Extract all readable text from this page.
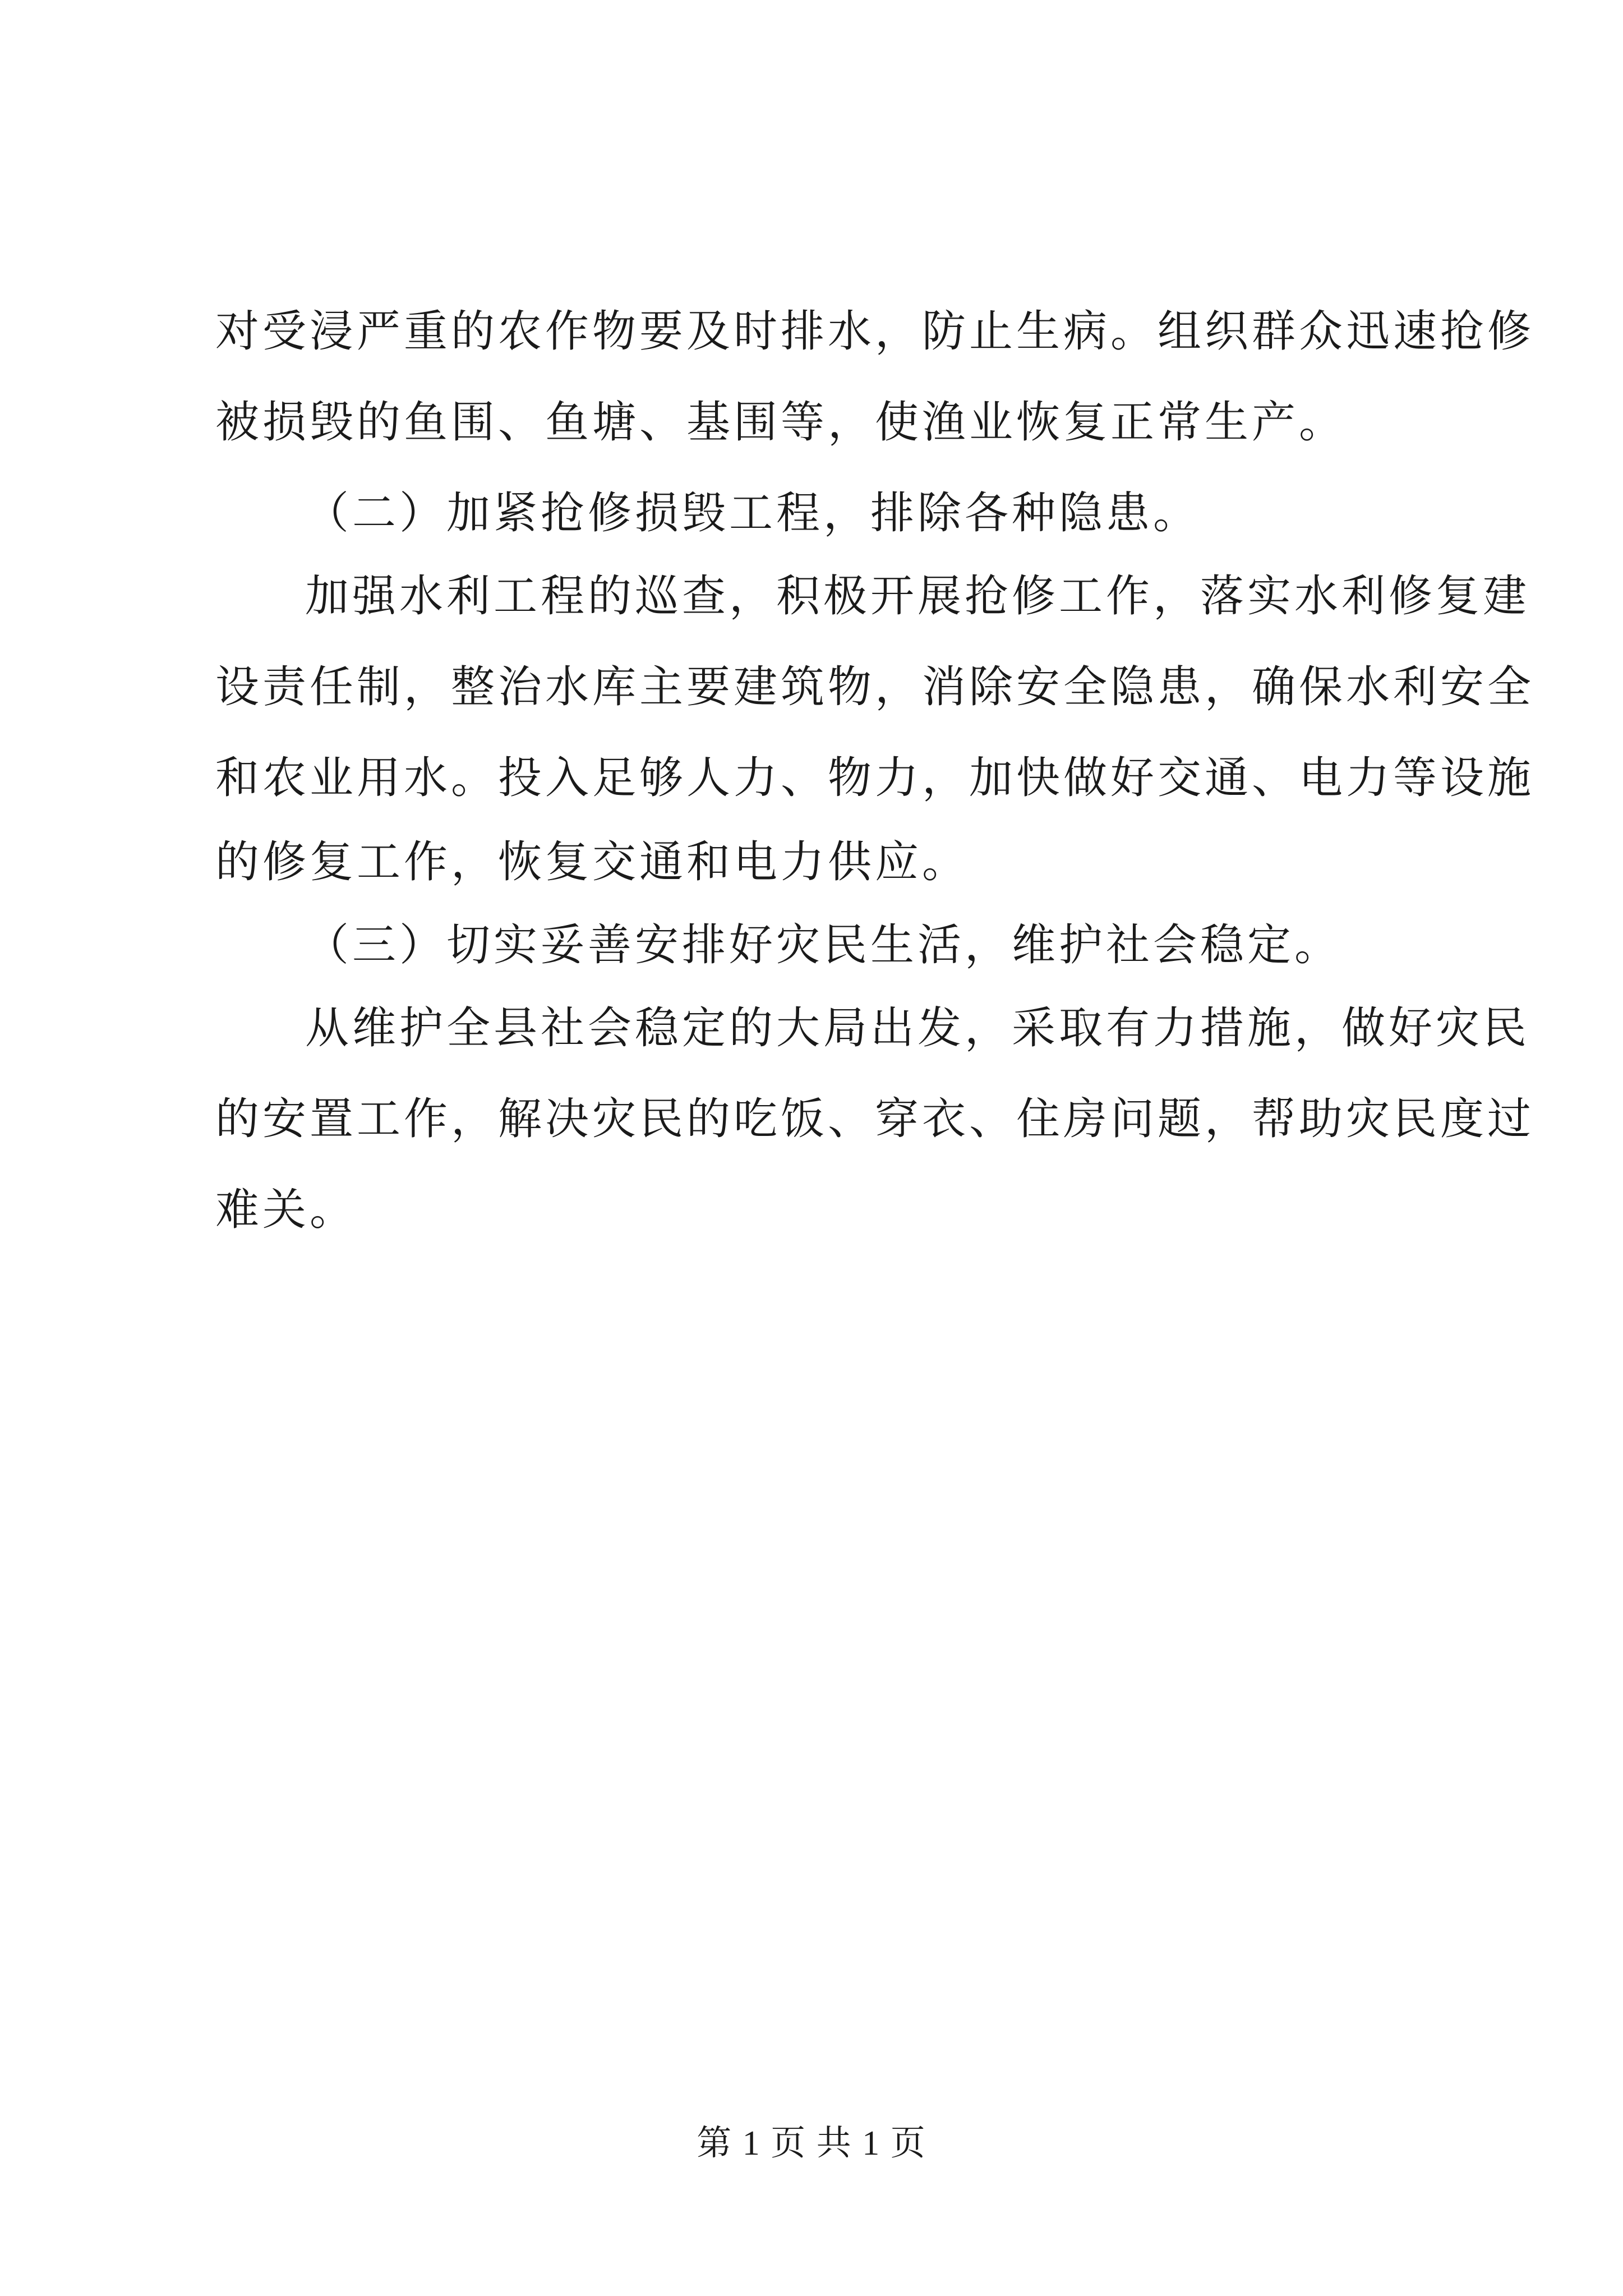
对受浸严重的农作物要及时排水，防止生病。组织群众迅速抢修
被损毁的鱼围、鱼塘、基围等，使渔业恢复正常生产。
（二）加紧抢修损毁工程，排除各种隐患。
加强水利工程的巡查，积极开展抢修工作，落实水利修复建
设责任制，整治水库主要建筑物，消除安全隐患，确保水利安全
和农业用水。投入足够人力、物力，加快做好交通、电力等设施
的修复工作，恢复交通和电力供应。
（三）切实妥善安排好灾民生活，维护社会稳定。
从维护全县社会稳定的大局出发，采取有力措施，做好灾民
的安置工作，解决灾民的吃饭、穿衣、住房问题，帮助灾民度过
难关。
第 1 页 共 1 页
